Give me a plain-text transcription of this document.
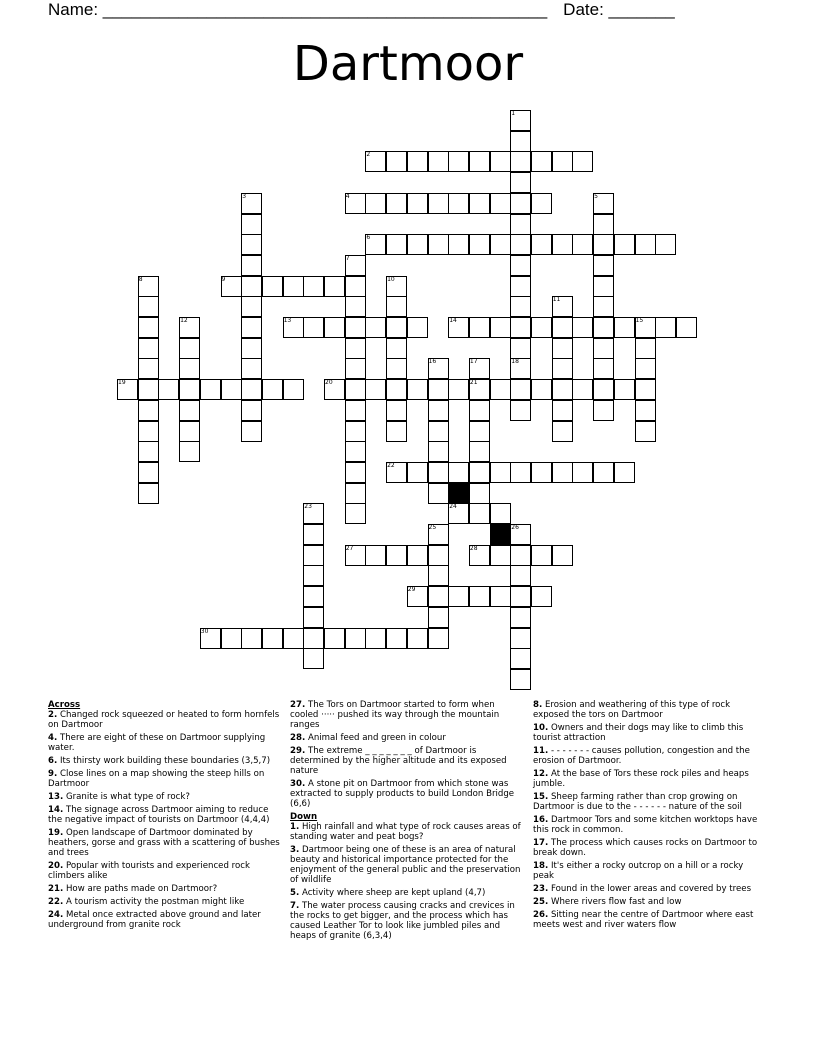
Name: _______________________________________________ Date: _______
Dartmoor
1
2
3	4	5
6
7
8	9	10
11
12	13	14	15
16	17	18
19	20	21
22
23	24
25	26
27	28
29
30
Across
2. Changed rock squeezed or heated to form hornfels on Dartmoor
4. There are eight of these on Dartmoor supplying water.
6. Its thirsty work building these boundaries (3,5,7)
9. Close lines on a map showing the steep hills on Dartmoor
13. Granite is what type of rock?
14. The signage across Dartmoor aiming to reduce the negative impact of tourists on Dartmoor (4,4,4)
19. Open landscape of Dartmoor dominated by heathers, gorse and grass with a scattering of bushes and trees
20. Popular with tourists and experienced rock climbers alike
21. How are paths made on Dartmoor?
22. A tourism activity the postman might like
24. Metal once extracted above ground and later underground from granite rock
27. The Tors on Dartmoor started to form when cooled ····· pushed its way through the mountain ranges
28. Animal feed and green in colour
29. The extreme _ _ _ _ _ _ _ of Dartmoor is determined by the higher altitude and its exposed nature
30. A stone pit on Dartmoor from which stone was extracted to supply products to build London Bridge (6,6)
Down
1. High rainfall and what type of rock causes areas of standing water and peat bogs?
3. Dartmoor being one of these is an area of natural beauty and historical importance protected for the enjoyment of the general public and the preservation of wildlife
5. Activity where sheep are kept upland (4,7)
7. The water process causing cracks and crevices in the rocks to get bigger, and the process which has caused Leather Tor to look like jumbled piles and heaps of granite (6,3,4)
8. Erosion and weathering of this type of rock exposed the tors on Dartmoor
10. Owners and their dogs may like to climb this tourist attraction
11. - - - - - - - causes pollution, congestion and the erosion of Dartmoor.
12. At the base of Tors these rock piles and heaps jumble.
15. Sheep farming rather than crop growing on Dartmoor is due to the - - - - - - nature of the soil
16. Dartmoor Tors and some kitchen worktops have this rock in common.
17. The process which causes rocks on Dartmoor to break down.
18. It's either a rocky outcrop on a hill or a rocky peak
23. Found in the lower areas and covered by trees
25. Where rivers flow fast and low
26. Sitting near the centre of Dartmoor where east meets west and river waters flow
